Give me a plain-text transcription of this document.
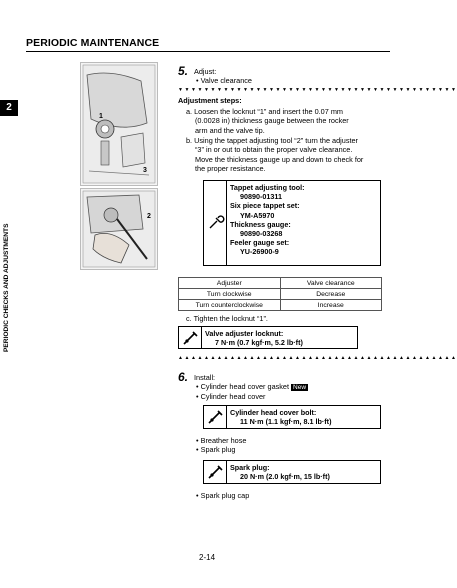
PERIODIC MAINTENANCE
2
PERIODIC CHECKS AND ADJUSTMENTS
1
3
2
5. Adjust:
• Valve clearance
▼▼▼▼▼▼▼▼▼▼▼▼▼▼▼▼▼▼▼▼▼▼▼▼▼▼▼▼▼▼▼▼▼▼▼▼▼▼▼▼▼▼▼
Adjustment steps:
a. Loosen the locknut “1” and insert the 0.07 mm
(0.0028 in) thickness gauge between the rocker
arm and the valve tip.
b. Using the tappet adjusting tool “2” turn the adjuster
“3” in or out to obtain the proper valve clearance.
Move the thickness gauge up and down to check for
the proper resistance.
Tappet adjusting tool:
90890-01311
Six piece tappet set:
YM-A5970
Thickness gauge:
90890-03268
Feeler gauge set:
YU-26900-9
Adjuster	Valve clearance
Turn clockwise	Decrease
Turn counterclockwise	Increase
c. Tighten the locknut “1”.
Valve adjuster locknut:
7 N·m (0.7 kgf·m, 5.2 lb·ft)
▲▲▲▲▲▲▲▲▲▲▲▲▲▲▲▲▲▲▲▲▲▲▲▲▲▲▲▲▲▲▲▲▲▲▲▲▲▲▲▲▲▲▲
6. Install:
• Cylinder head cover gasket New
• Cylinder head cover
Cylinder head cover bolt:
11 N·m (1.1 kgf·m, 8.1 lb·ft)
• Breather hose
• Spark plug
Spark plug:
20 N·m (2.0 kgf·m, 15 lb·ft)
• Spark plug cap
2-14
